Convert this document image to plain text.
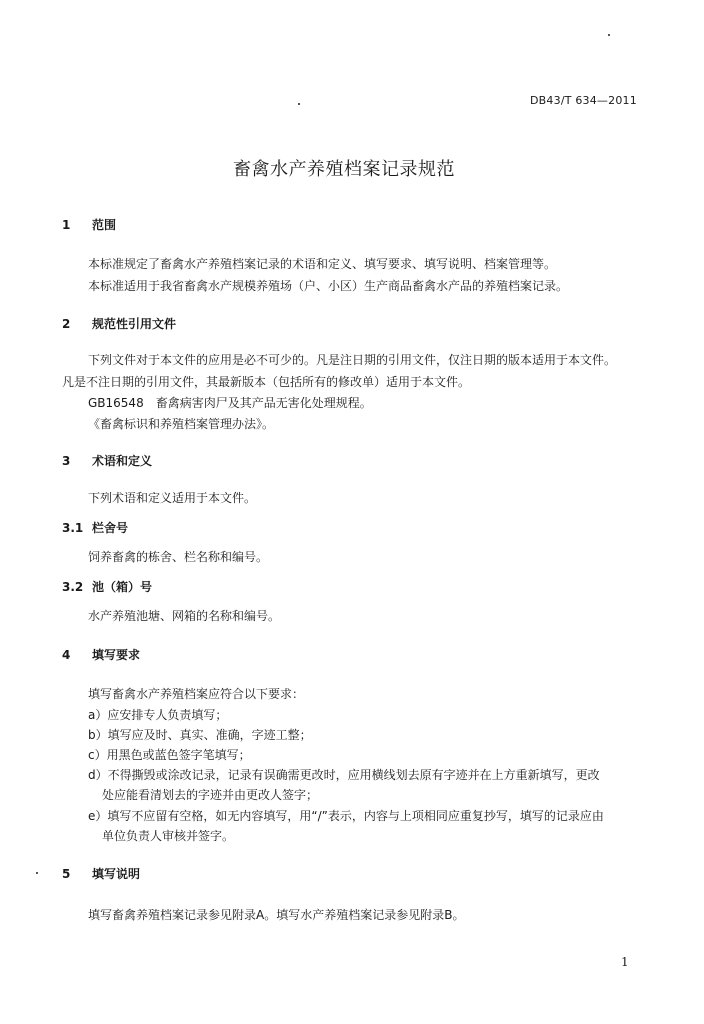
DB43/T 634—2011
畜禽水产养殖档案记录规范
1 范围
本标准规定了畜禽水产养殖档案记录的术语和定义、填写要求、填写说明、档案管理等。
本标准适用于我省畜禽水产规模养殖场（户、小区）生产商品畜禽水产品的养殖档案记录。
2 规范性引用文件
下列文件对于本文件的应用是必不可少的。凡是注日期的引用文件，仅注日期的版本适用于本文件。
凡是不注日期的引用文件，其最新版本（包括所有的修改单）适用于本文件。
GB16548　畜禽病害肉尸及其产品无害化处理规程。
《畜禽标识和养殖档案管理办法》。
3 术语和定义
下列术语和定义适用于本文件。
3.1 栏舍号
饲养畜禽的栋舍、栏名称和编号。
3.2 池（箱）号
水产养殖池塘、网箱的名称和编号。
4 填写要求
填写畜禽水产养殖档案应符合以下要求：
a）应安排专人负责填写；
b）填写应及时、真实、准确，字迹工整；
c）用黑色或蓝色签字笔填写；
d）不得撕毁或涂改记录，记录有误确需更改时，应用横线划去原有字迹并在上方重新填写，更改
处应能看清划去的字迹并由更改人签字；
e）填写不应留有空格，如无内容填写，用“/”表示，内容与上项相同应重复抄写，填写的记录应由
单位负责人审核并签字。
5 填写说明
填写畜禽养殖档案记录参见附录A。填写水产养殖档案记录参见附录B。
1
